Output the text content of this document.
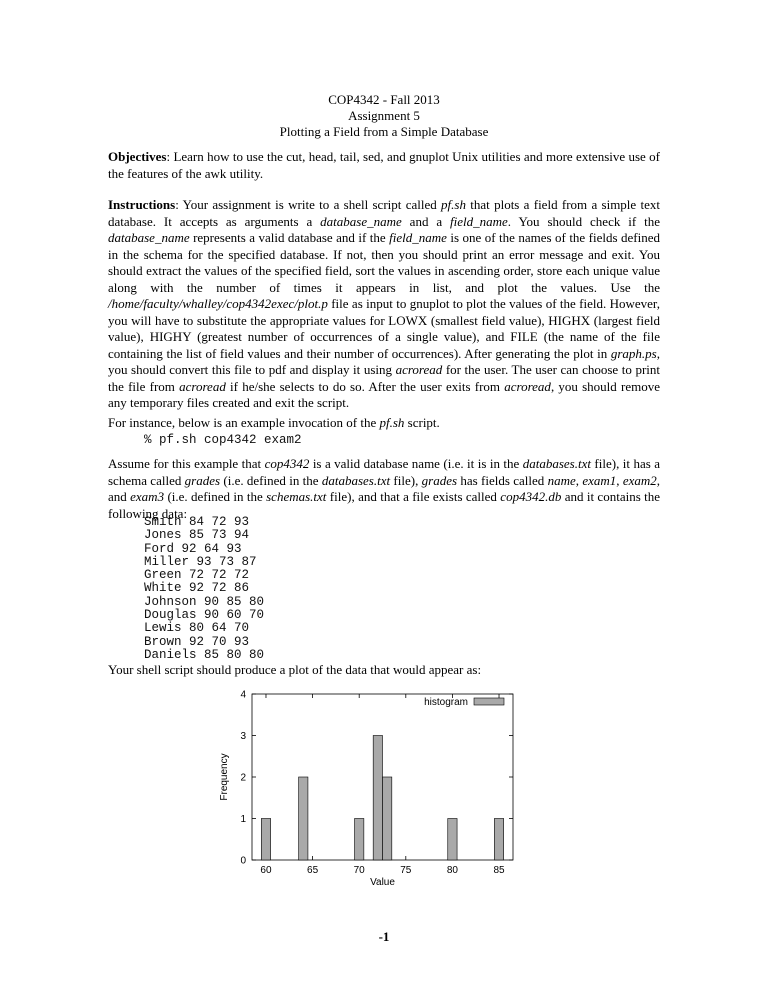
COP4342 - Fall 2013
Assignment 5
Plotting a Field from a Simple Database
Objectives: Learn how to use the cut, head, tail, sed, and gnuplot Unix utilities and more extensive use of the features of the awk utility.
Instructions: Your assignment is write to a shell script called pf.sh that plots a field from a simple text database. It accepts as arguments a database_name and a field_name. You should check if the database_name represents a valid database and if the field_name is one of the names of the fields defined in the schema for the specified database. If not, then you should print an error message and exit. You should extract the values of the specified field, sort the values in ascending order, store each unique value along with the number of times it appears in list, and plot the values. Use the /home/faculty/whalley/cop4342exec/plot.p file as input to gnuplot to plot the values of the field. However, you will have to substitute the appropriate values for LOWX (smallest field value), HIGHX (largest field value), HIGHY (greatest number of occurrences of a single value), and FILE (the name of the file containing the list of field values and their number of occurrences). After generating the plot in graph.ps, you should convert this file to pdf and display it using acroread for the user. The user can choose to print the file from acroread if he/she selects to do so. After the user exits from acroread, you should remove any temporary files created and exit the script.
For instance, below is an example invocation of the pf.sh script.
% pf.sh cop4342 exam2
Assume for this example that cop4342 is a valid database name (i.e. it is in the databases.txt file), it has a schema called grades (i.e. defined in the databases.txt file), grades has fields called name, exam1, exam2, and exam3 (i.e. defined in the schemas.txt file), and that a file exists called cop4342.db and it contains the following data:
Smith 84 72 93
Jones 85 73 94
Ford 92 64 93
Miller 93 73 87
Green 72 72 72
White 92 72 86
Johnson 90 85 80
Douglas 90 60 70
Lewis 80 64 70
Brown 92 70 93
Daniels 85 80 80
Your shell script should produce a plot of the data that would appear as:
0
1
2
3
4
60	65	70	75	80	85
histogram
Value
Frequency
-1
